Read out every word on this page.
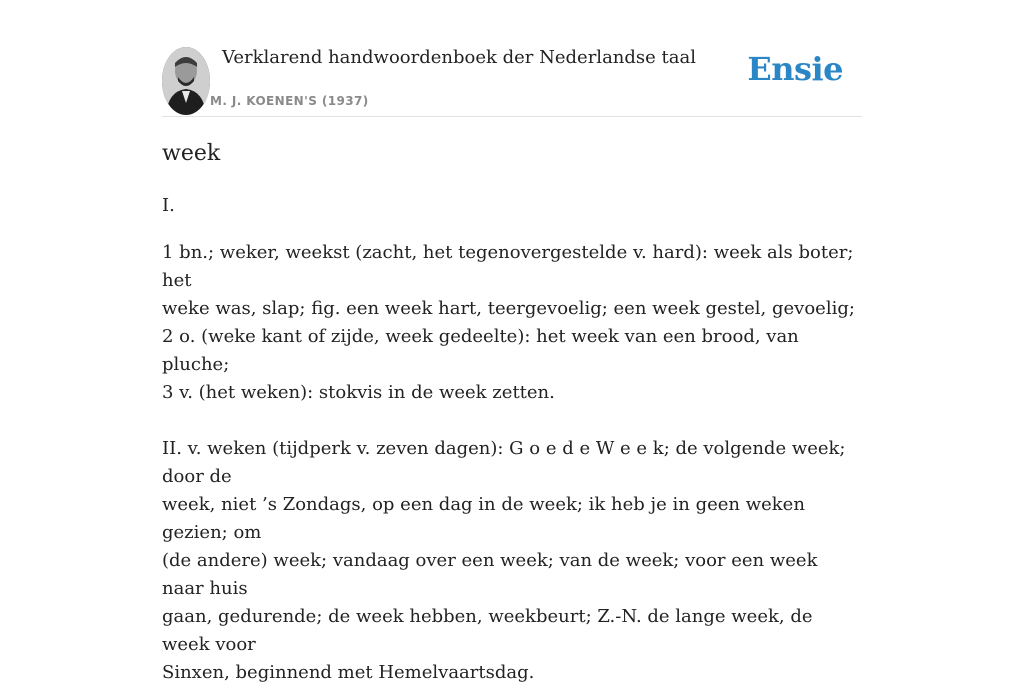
Verklarend handwoordenboek der Nederlandse taal
M. J. KOENEN'S (1937)
Ensie
week

I.

1 bn.; weker, weekst (zacht, het tegenovergestelde v. hard): week als boter; het

weke was, slap; fig. een week hart, teergevoelig; een week gestel, gevoelig;

2 o. (weke kant of zijde, week gedeelte): het week van een brood, van pluche;

3 v. (het weken): stokvis in de week zetten.

II. v. weken (tijdperk v. zeven dagen): G o e d e W e e k; de volgende week; door de

week, niet ’s Zondags, op een dag in de week; ik heb je in geen weken gezien; om

(de andere) week; vandaag over een week; van de week; voor een week naar huis

gaan, gedurende; de week hebben, weekbeurt; Z.-N. de lange week, de week voor

Sinxen, beginnend met Hemelvaartsdag.
